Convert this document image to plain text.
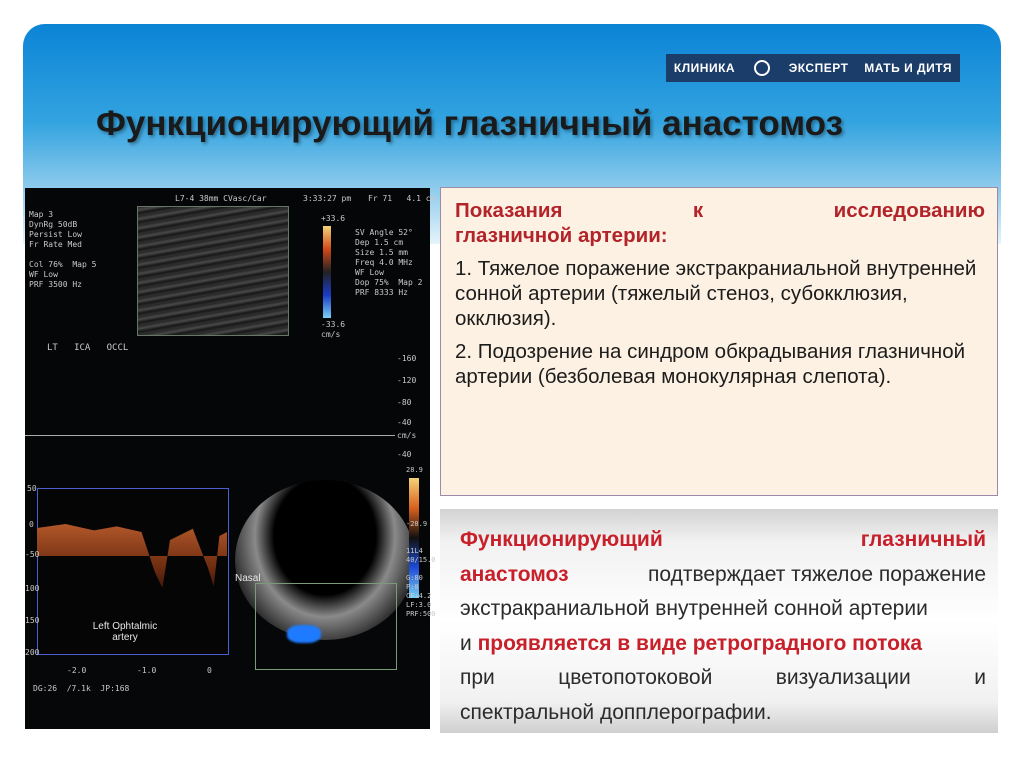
КЛИНИКА	ЭКСПЕРТ МАТЬ И ДИТЯ
Функционирующий глазничный анастомоз
Map 3
DynRg 50dB
Persist Low
Fr Rate Med

Col 76%  Map 5
WF Low
PRF 3500 Hz
L7-4 38mm CVasc/Car	3:33:27 pm Fr 71   4.1 cm
+33.6
-33.6
cm/s
SV Angle 52°
Dep 1.5 cm
Size 1.5 mm
Freq 4.0 MHz
WF Low
Dop 75%  Map 2
PRF 8333 Hz
LT   ICA   OCCL
-160
-120
-80
-40
cm/s
-40
50
0
-50
100
150
200
-2.0	-1.0	0
Left Ophtalmic
artery
DG:26  /7.1k  JP:168
Nasal
28.9

-28.9

11L4
40/15.0

G:80
P:0
CF:4.2
LF:3.0
PRF:500
Показания к исследованию
глазничной артерии:

1. Тяжелое поражение экстракраниальной внутренней сонной артерии (тяжелый стеноз, субокклюзия, окклюзия).

2. Подозрение на синдром обкрадывания глазничной артерии (безболевая монокулярная слепота).

Функционирующий	глазничный
анастомоз	подтверждает тяжелое поражение
экстракраниальной внутренней сонной артерии
и проявляется в виде ретроградного потока
при	цветопотоковой	визуализации	и
спектральной допплерографии.
